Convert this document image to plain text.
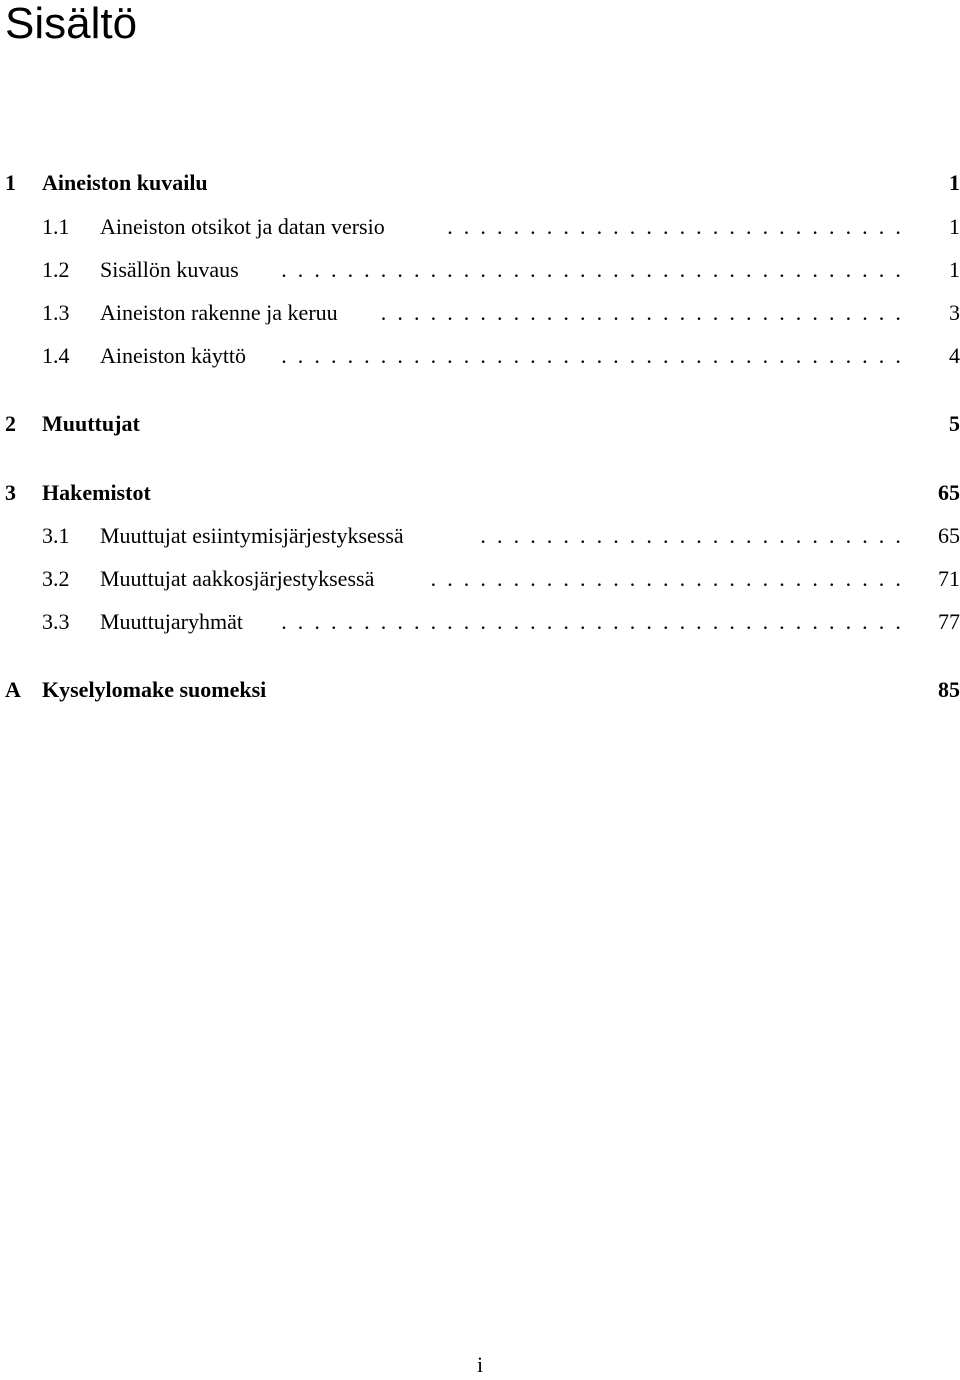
Sisältö
1 Aineiston kuvailu	1
1.1 Aineiston otsikot ja datan versio	............................ 1
1.2 Sisällön kuvaus	...................................... 1
1.3 Aineiston rakenne ja keruu ................................ 3
1.4 Aineiston käyttö	...................................... 4
2 Muuttujat	5
3 Hakemistot	65
3.1 Muuttujat esiintymisjärjestyksessä	.......................... 65
3.2 Muuttujat aakkosjärjestyksessä	............................. 71
3.3 Muuttujaryhmät	...................................... 77
A Kyselylomake suomeksi	85
i
